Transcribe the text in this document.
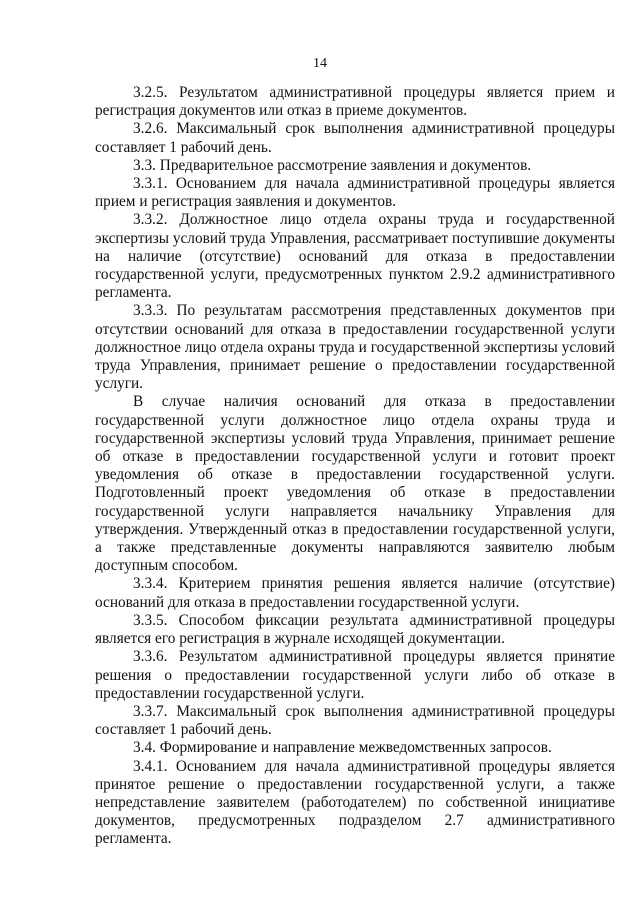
14

3.2.5. Результатом административной процедуры является прием и регистрация документов или отказ в приеме документов.

3.2.6. Максимальный срок выполнения административной процедуры составляет 1 рабочий день.

3.3. Предварительное рассмотрение заявления и документов.

3.3.1. Основанием для начала административной процедуры является прием и регистрация заявления и документов.

3.3.2. Должностное лицо отдела охраны труда и государственной экспертизы условий труда Управления, рассматривает поступившие документы на наличие (отсутствие) оснований для отказа в предоставлении государственной услуги, предусмотренных пунктом 2.9.2 административного регламента.

3.3.3. По результатам рассмотрения представленных документов при отсутствии оснований для отказа в предоставлении государственной услуги должностное лицо отдела охраны труда и государственной экспертизы условий труда Управления, принимает решение о предоставлении государственной услуги.

В случае наличия оснований для отказа в предоставлении государственной услуги должностное лицо отдела охраны труда и государственной экспертизы условий труда Управления, принимает решение об отказе в предоставлении государственной услуги и готовит проект уведомления об отказе в предоставлении государственной услуги. Подготовленный проект уведомления об отказе в предоставлении государственной услуги направляется начальнику Управления для утверждения. Утвержденный отказ в предоставлении государственной услуги, а также представленные документы направляются заявителю любым доступным способом.

3.3.4. Критерием принятия решения является наличие (отсутствие) оснований для отказа в предоставлении государственной услуги.

3.3.5. Способом фиксации результата административной процедуры является его регистрация в журнале исходящей документации.

3.3.6. Результатом административной процедуры является принятие решения о предоставлении государственной услуги либо об отказе в предоставлении государственной услуги.

3.3.7. Максимальный срок выполнения административной процедуры составляет 1 рабочий день.

3.4. Формирование и направление межведомственных запросов.

3.4.1. Основанием для начала административной процедуры является принятое решение о предоставлении государственной услуги, а также непредставление заявителем (работодателем) по собственной инициативе документов, предусмотренных подразделом 2.7 административного регламента.
